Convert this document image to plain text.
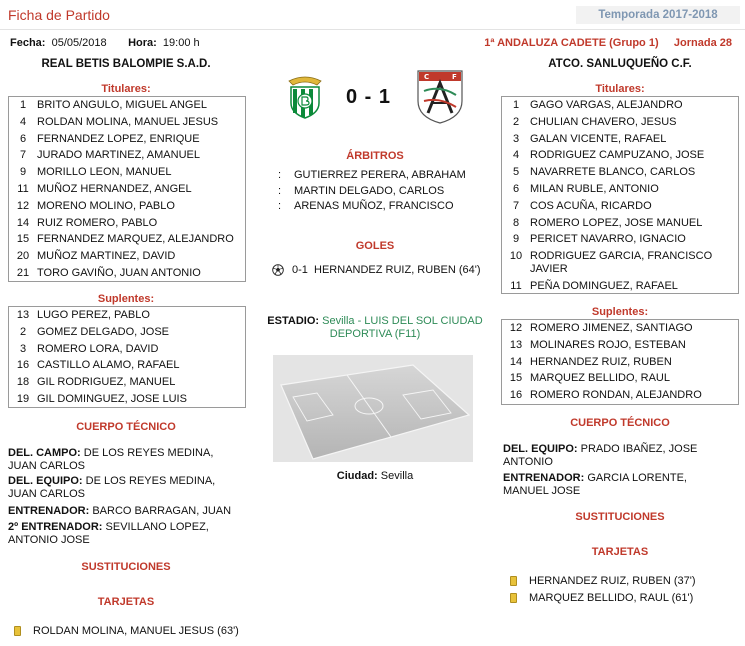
Ficha de Partido	Temporada 2017-2018
Fecha: 05/05/2018 Hora: 19:00 h	1ª ANDALUZA CADETE (Grupo 1) Jornada 28
REAL BETIS BALOMPIE S.A.D.	ATCO. SANLUQUEÑO C.F.
Titulares:
1 BRITO ANGULO, MIGUEL ANGEL
4 ROLDAN MOLINA, MANUEL JESUS
6 FERNANDEZ LOPEZ, ENRIQUE
7 JURADO MARTINEZ, AMANUEL
9 MORILLO LEON, MANUEL
11 MUÑOZ HERNANDEZ, ANGEL
12 MORENO MOLINO, PABLO
14 RUIZ ROMERO, PABLO
15 FERNANDEZ MARQUEZ, ALEJANDRO
20 MUÑOZ MARTINEZ, DAVID
21 TORO GAVIÑO, JUAN ANTONIO
Suplentes:
13 LUGO PEREZ, PABLO
2 GOMEZ DELGADO, JOSE
3 ROMERO LORA, DAVID
16 CASTILLO ALAMO, RAFAEL
18 GIL RODRIGUEZ, MANUEL
19 GIL DOMINGUEZ, JOSE LUIS
CUERPO TÉCNICO
DEL. CAMPO: DE LOS REYES MEDINA, JUAN CARLOS
DEL. EQUIPO: DE LOS REYES MEDINA, JUAN CARLOS
ENTRENADOR: BARCO BARRAGAN, JUAN
2º ENTRENADOR: SEVILLANO LOPEZ, ANTONIO JOSE
SUSTITUCIONES
TARJETAS
ROLDAN MOLINA, MANUEL JESUS (63')
0 - 1
C	F
ÁRBITROS
: GUTIERREZ PERERA, ABRAHAM
: MARTIN DELGADO, CARLOS
: ARENAS MUÑOZ, FRANCISCO
GOLES
0-1
HERNANDEZ RUIZ, RUBEN (64')
ESTADIO: Sevilla - LUIS DEL SOL CIUDAD DEPORTIVA (F11)
Ciudad: Sevilla
Titulares:
1 GAGO VARGAS, ALEJANDRO
2 CHULIAN CHAVERO, JESUS
3 GALAN VICENTE, RAFAEL
4 RODRIGUEZ CAMPUZANO, JOSE
5 NAVARRETE BLANCO, CARLOS
6 MILAN RUBLE, ANTONIO
7 COS ACUÑA, RICARDO
8 ROMERO LOPEZ, JOSE MANUEL
9 PERICET NAVARRO, IGNACIO
10 RODRIGUEZ GARCIA, FRANCISCO JAVIER
11 PEÑA DOMINGUEZ, RAFAEL
Suplentes:
12 ROMERO JIMENEZ, SANTIAGO
13 MOLINARES ROJO, ESTEBAN
14 HERNANDEZ RUIZ, RUBEN
15 MARQUEZ BELLIDO, RAUL
16 ROMERO RONDAN, ALEJANDRO
CUERPO TÉCNICO
DEL. EQUIPO: PRADO IBAÑEZ, JOSE ANTONIO
ENTRENADOR: GARCIA LORENTE, MANUEL JOSE
SUSTITUCIONES
TARJETAS
HERNANDEZ RUIZ, RUBEN (37')
MARQUEZ BELLIDO, RAUL (61')
